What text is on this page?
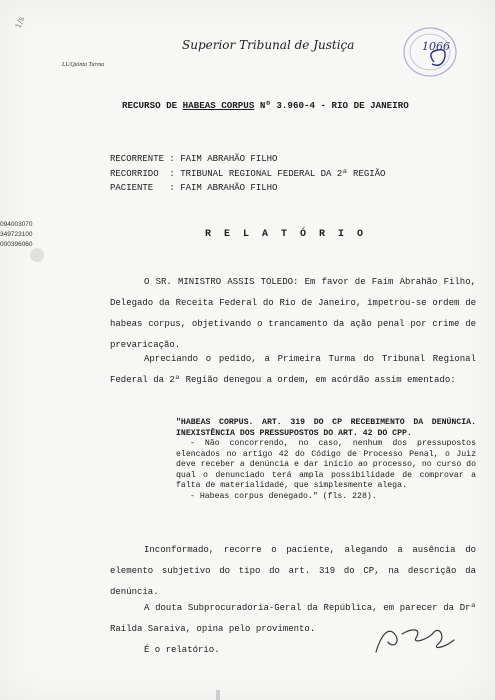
1/s
Superior Tribunal de Justiça
LL/Quinta Turma
1066
RECURSO DE HABEAS CORPUS Nº 3.960-4 - RIO DE JANEIRO
RECORRENTE : FAIM ABRAHÃO FILHO
RECORRIDO  : TRIBUNAL REGIONAL FEDERAL DA 2ª REGIÃO
PACIENTE   : FAIM ABRAHÃO FILHO
094003070
349723100
000396060
RELATÓRIO
O SR. MINISTRO ASSIS TOLEDO: Em favor de Faim Abrahão Filho, Delegado da Receita Federal do Rio de Janeiro, impetrou-se ordem de habeas corpus, objetivando o trancamento da ação penal por crime de prevaricação.
Apreciando o pedido, a Primeira Turma do Tribunal Regional Federal da 2ª Região denegou a ordem, em acórdão assim ementado:

"HABEAS CORPUS. ART. 319 DO CP RECEBIMENTO DA DENÚNCIA. INEXISTÊNCIA DOS PRESSUPOSTOS DO ART. 42 DO CPP.

- Não concorrendo, no caso, nenhum dos pressupostos elencados no artigo 42 do Código de Processo Penal, o Juiz deve receber a denúncia e dar início ao processo, no curso do qual o denunciado terá ampla possibilidade de comprovar a falta de materialidade, que simplesmente alega.

- Habeas corpus denegado." (fls. 228).

Inconformado, recorre o paciente, alegando a ausência do elemento subjetivo do tipo do art. 319 do CP, na descrição da denúncia.
A douta Subprocuradoria-Geral da República, em parecer da Drª Railda Saraiva, opina pelo provimento.
É o relatório.
